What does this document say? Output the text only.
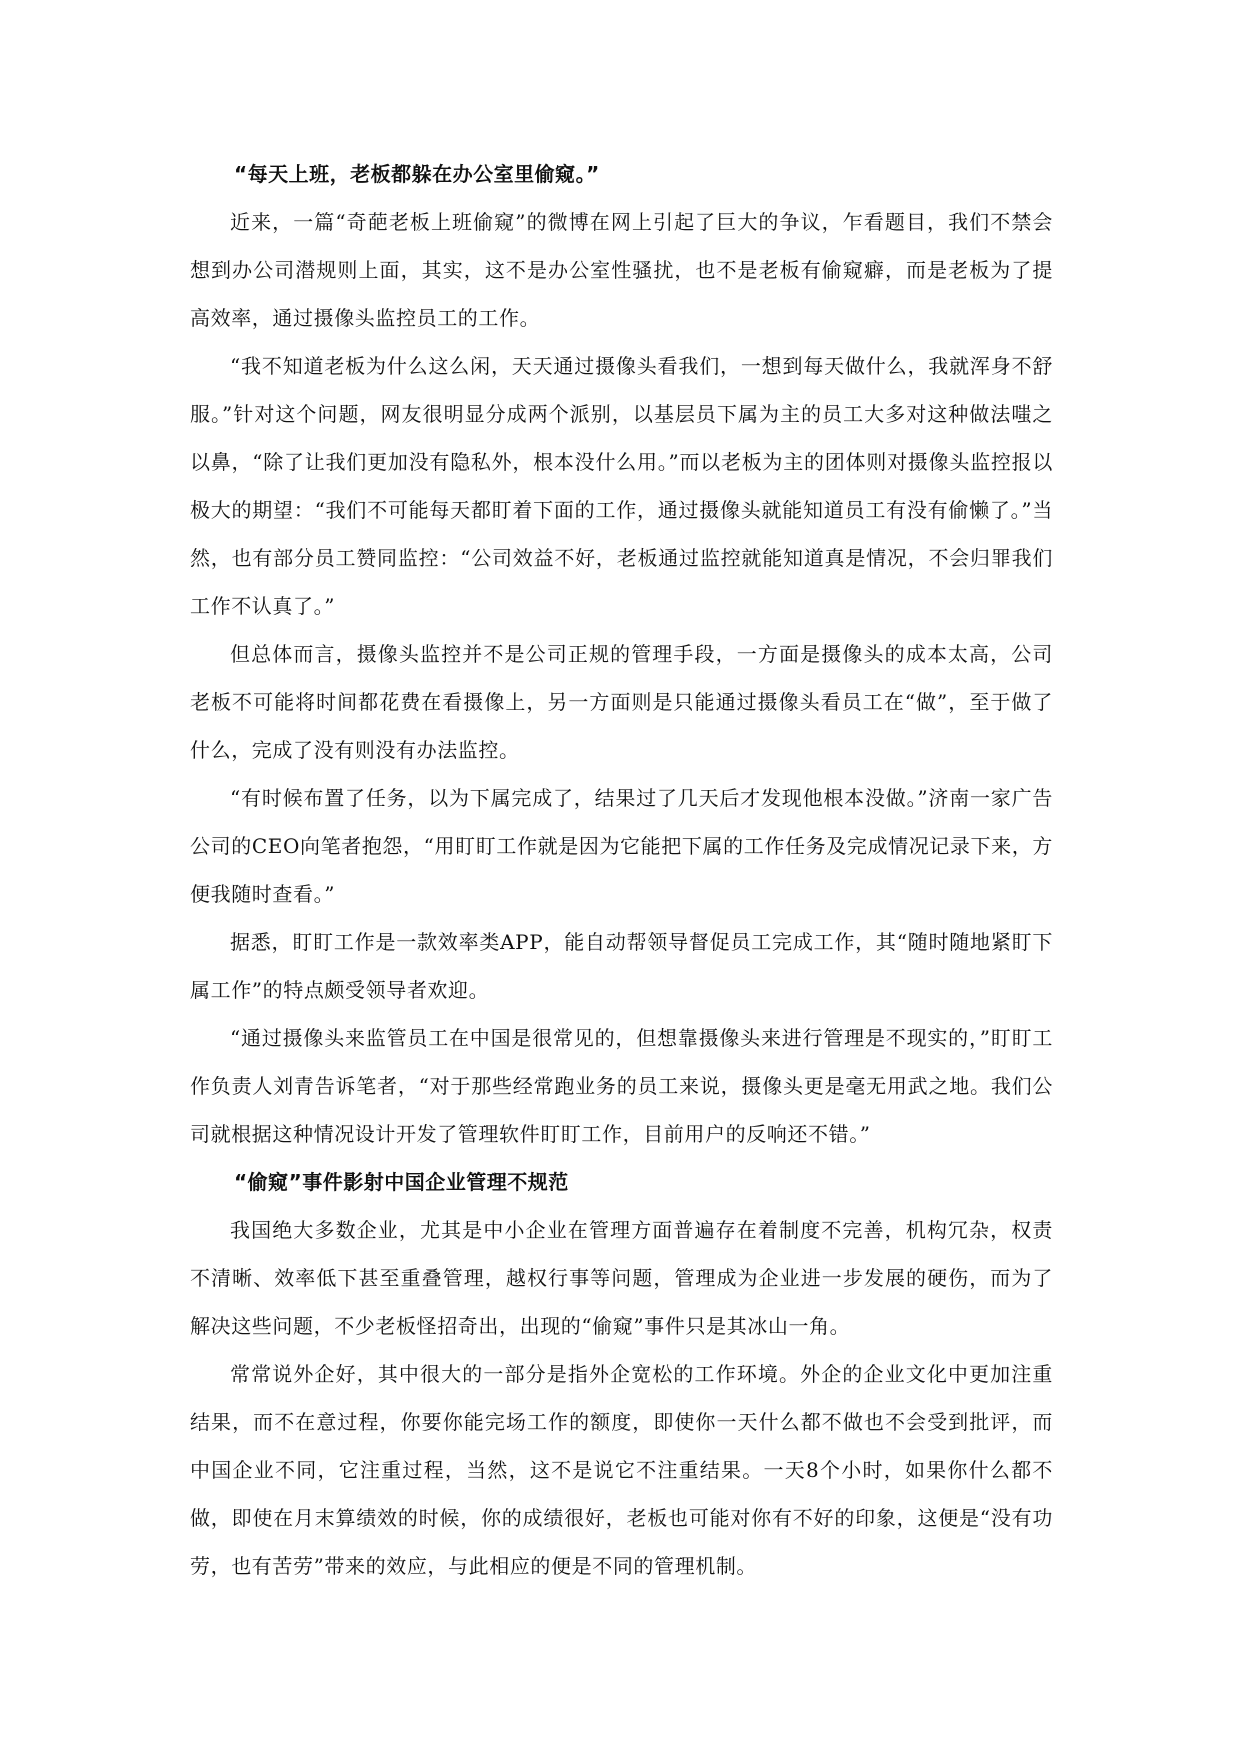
“每天上班，老板都躲在办公室里偷窥。”

近来，一篇“奇葩老板上班偷窥”的微博在网上引起了巨大的争议，乍看题目，我们不禁会想到办公司潜规则上面，其实，这不是办公室性骚扰，也不是老板有偷窥癖，而是老板为了提高效率，通过摄像头监控员工的工作。

“我不知道老板为什么这么闲，天天通过摄像头看我们，一想到每天做什么，我就浑身不舒服。”针对这个问题，网友很明显分成两个派别，以基层员下属为主的员工大多对这种做法嗤之以鼻，“除了让我们更加没有隐私外，根本没什么用。”而以老板为主的团体则对摄像头监控报以极大的期望：“我们不可能每天都盯着下面的工作，通过摄像头就能知道员工有没有偷懒了。”当然，也有部分员工赞同监控：“公司效益不好，老板通过监控就能知道真是情况，不会归罪我们工作不认真了。”

但总体而言，摄像头监控并不是公司正规的管理手段，一方面是摄像头的成本太高，公司老板不可能将时间都花费在看摄像上，另一方面则是只能通过摄像头看员工在“做”，至于做了什么，完成了没有则没有办法监控。

“有时候布置了任务，以为下属完成了，结果过了几天后才发现他根本没做。”济南一家广告公司的CEO向笔者抱怨，“用盯盯工作就是因为它能把下属的工作任务及完成情况记录下来，方便我随时查看。”

据悉，盯盯工作是一款效率类APP，能自动帮领导督促员工完成工作，其“随时随地紧盯下属工作”的特点颇受领导者欢迎。

“通过摄像头来监管员工在中国是很常见的，但想靠摄像头来进行管理是不现实的，”盯盯工作负责人刘青告诉笔者，“对于那些经常跑业务的员工来说，摄像头更是毫无用武之地。我们公司就根据这种情况设计开发了管理软件盯盯工作，目前用户的反响还不错。”

“偷窥”事件影射中国企业管理不规范

我国绝大多数企业，尤其是中小企业在管理方面普遍存在着制度不完善，机构冗杂，权责不清晰、效率低下甚至重叠管理，越权行事等问题，管理成为企业进一步发展的硬伤，而为了解决这些问题，不少老板怪招奇出，出现的“偷窥”事件只是其冰山一角。

常常说外企好，其中很大的一部分是指外企宽松的工作环境。外企的企业文化中更加注重结果，而不在意过程，你要你能完场工作的额度，即使你一天什么都不做也不会受到批评，而中国企业不同，它注重过程，当然，这不是说它不注重结果。一天8个小时，如果你什么都不做，即使在月末算绩效的时候，你的成绩很好，老板也可能对你有不好的印象，这便是“没有功劳，也有苦劳”带来的效应，与此相应的便是不同的管理机制。
